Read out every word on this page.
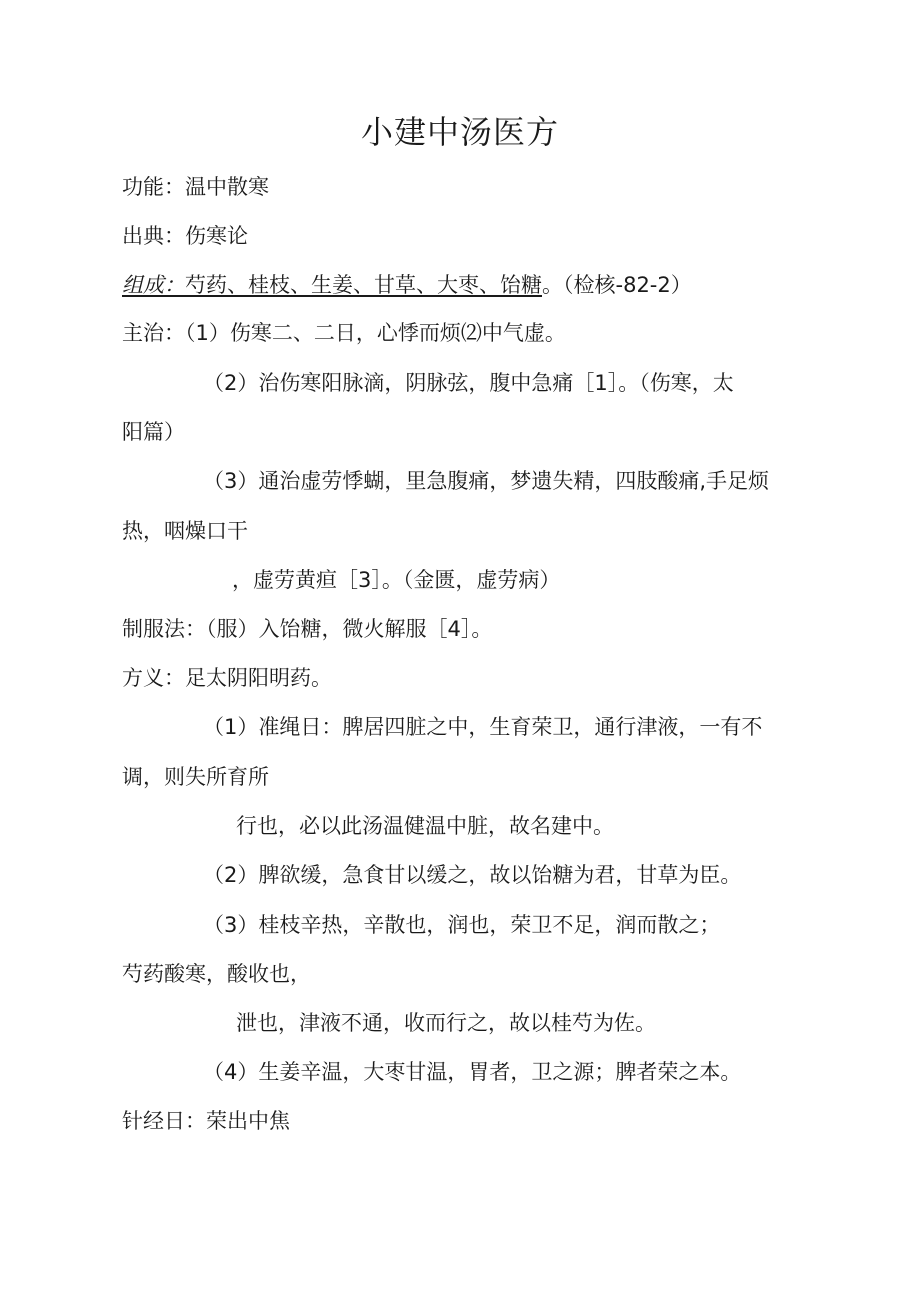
小建中汤医方
功能：温中散寒
出典：伤寒论
组成：芍药、桂枝、生姜、甘草、大枣、饴糖。（检核-82-2）
主治：（1）伤寒二、二日，心悸而烦⑵中气虚。
（2）治伤寒阳脉滴，阴脉弦，腹中急痛［1］。（伤寒，太
阳篇）
（3）通治虚劳悸蝴，里急腹痛，梦遗失精，四肢酸痛,手足烦
热，咽燥口干
，虚劳黄疸［3］。（金匮，虚劳病）
制服法：（服）入饴糖，微火解服［4］。
方义：足太阴阳明药。
（1）准绳日：脾居四脏之中，生育荣卫，通行津液，一有不
调，则失所育所
行也，必以此汤温健温中脏，故名建中。
（2）脾欲缓，急食甘以缓之，故以饴糖为君，甘草为臣。
（3）桂枝辛热，辛散也，润也，荣卫不足，润而散之；
芍药酸寒，酸收也，
泄也，津液不通，收而行之，故以桂芍为佐。
（4）生姜辛温，大枣甘温，胃者，卫之源；脾者荣之本。
针经日：荣出中焦
